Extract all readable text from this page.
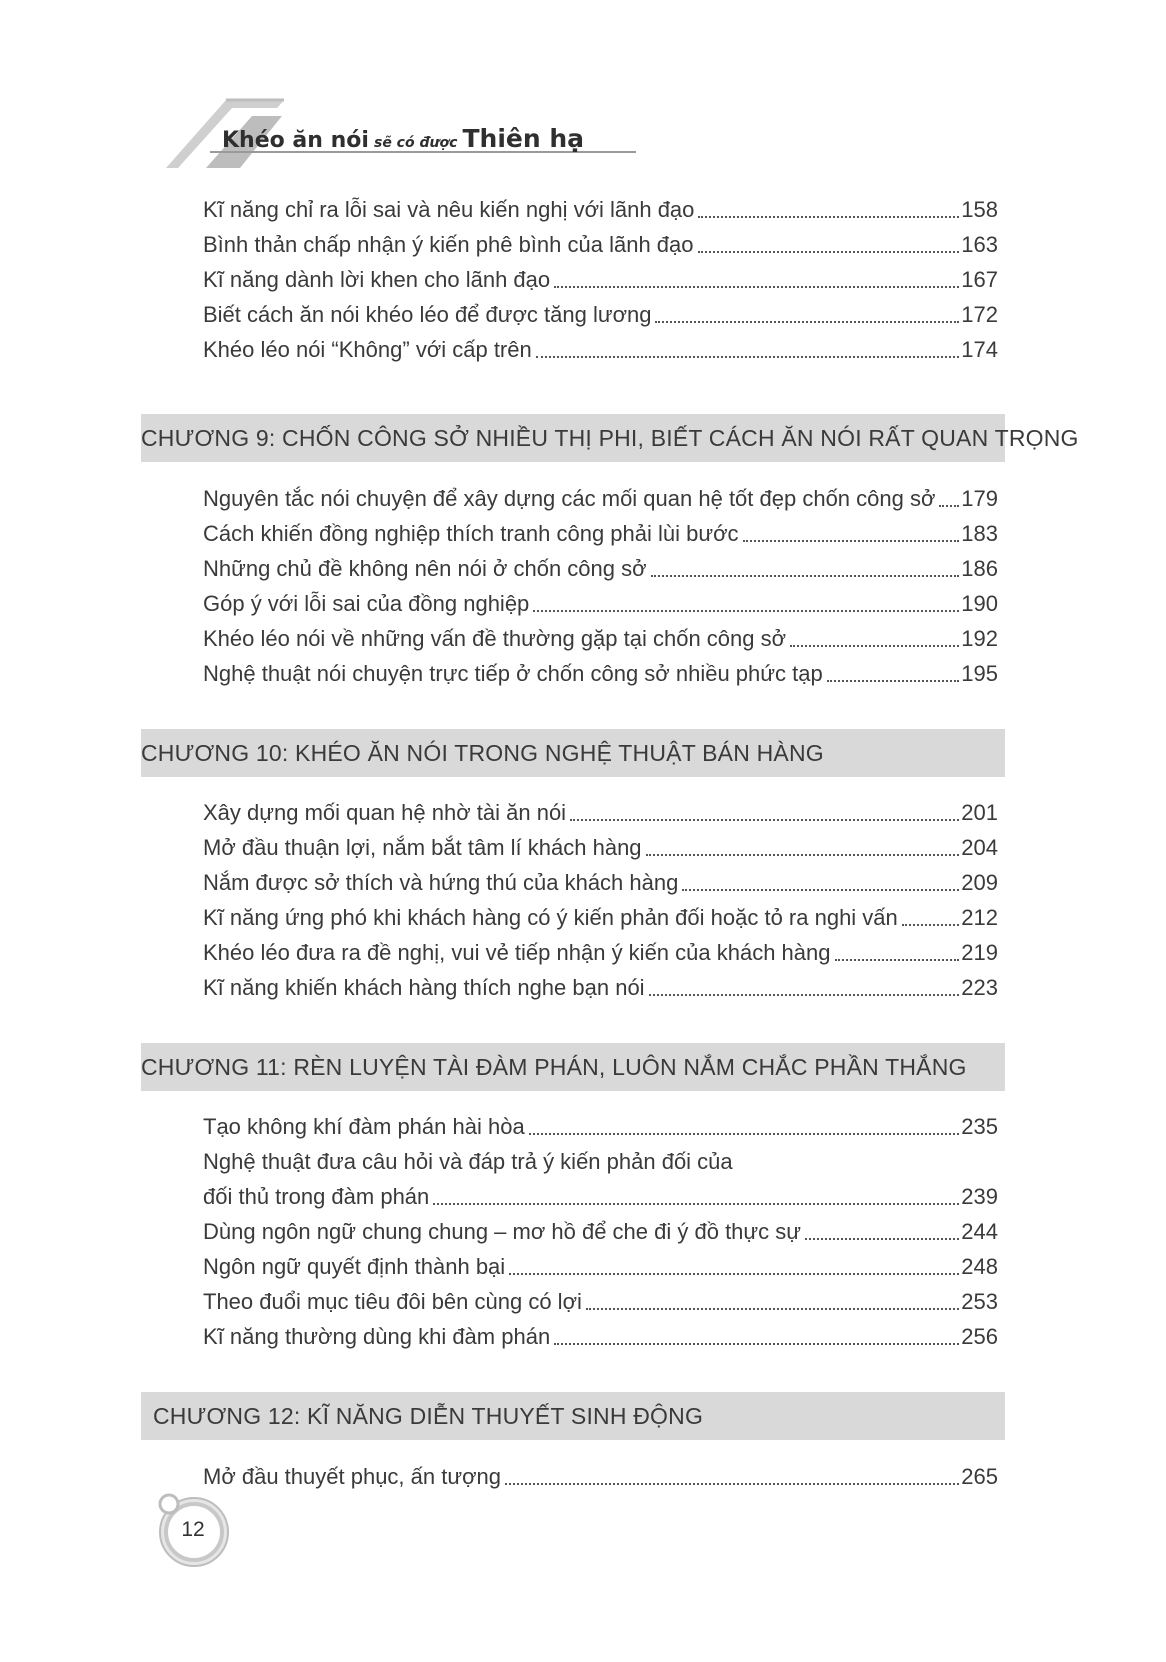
Khéo ăn nói sẽ có được Thiên hạ
Kĩ năng chỉ ra lỗi sai và nêu kiến nghị với lãnh đạo	158
Bình thản chấp nhận ý kiến phê bình của lãnh đạo	163
Kĩ năng dành lời khen cho lãnh đạo	167
Biết cách ăn nói khéo léo để được tăng lương	172
Khéo léo nói “Không” với cấp trên	174
CHƯƠNG 9: CHỐN CÔNG SỞ NHIỀU THỊ PHI, BIẾT CÁCH ĂN NÓI RẤT QUAN TRỌNG
Nguyên tắc nói chuyện để xây dựng các mối quan hệ tốt đẹp chốn công sở 179
Cách khiến đồng nghiệp thích tranh công phải lùi bước	183
Những chủ đề không nên nói ở chốn công sở	186
Góp ý với lỗi sai của đồng nghiệp	190
Khéo léo nói về những vấn đề thường gặp tại chốn công sở	192
Nghệ thuật nói chuyện trực tiếp ở chốn công sở nhiều phức tạp	195
CHƯƠNG 10: KHÉO ĂN NÓI TRONG NGHỆ THUẬT BÁN HÀNG
Xây dựng mối quan hệ nhờ tài ăn nói	201
Mở đầu thuận lợi, nắm bắt tâm lí khách hàng	204
Nắm được sở thích và hứng thú của khách hàng	209
Kĩ năng ứng phó khi khách hàng có ý kiến phản đối hoặc tỏ ra nghi vấn	212
Khéo léo đưa ra đề nghị, vui vẻ tiếp nhận ý kiến của khách hàng	219
Kĩ năng khiến khách hàng thích nghe bạn nói	223
CHƯƠNG 11: RÈN LUYỆN TÀI ĐÀM PHÁN, LUÔN NẮM CHẮC PHẦN THẮNG
Tạo không khí đàm phán hài hòa	235
Nghệ thuật đưa câu hỏi và đáp trả ý kiến phản đối của
đối thủ trong đàm phán	239
Dùng ngôn ngữ chung chung – mơ hồ để che đi ý đồ thực sự	244
Ngôn ngữ quyết định thành bại	248
Theo đuổi mục tiêu đôi bên cùng có lợi	253
Kĩ năng thường dùng khi đàm phán	256
CHƯƠNG 12: KĨ NĂNG DIỄN THUYẾT SINH ĐỘNG
Mở đầu thuyết phục, ấn tượng	265
12
